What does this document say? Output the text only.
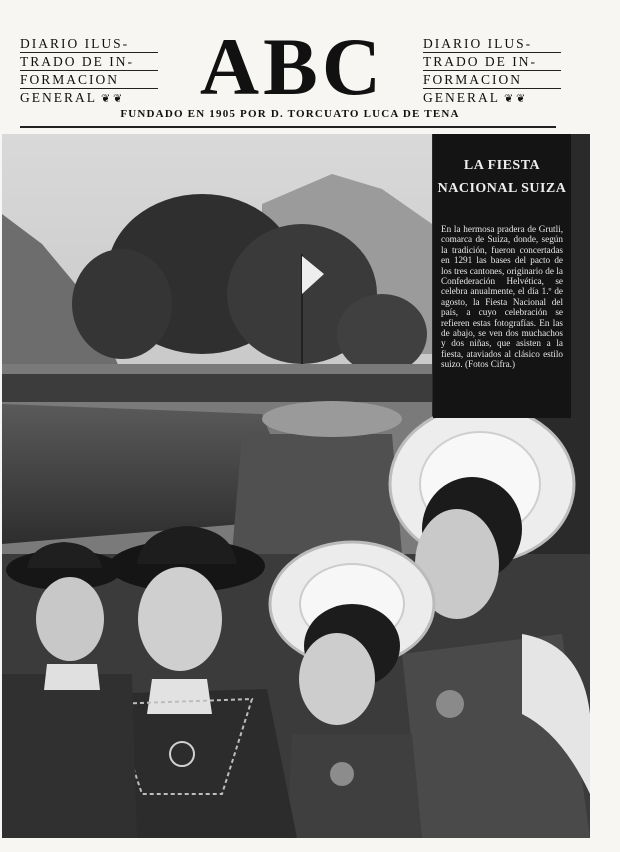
DIARIO ILUS-
TRADO DE IN-
FORMACION
GENERAL ❦ ❦ ABC	DIARIO ILUS-
TRADO DE IN-
FORMACION
GENERAL ❦ ❦
FUNDADO EN 1905 POR D. TORCUATO LUCA DE TENA
LA FIESTA
NACIONAL SUIZA
En la hermosa pradera de Grutli, comarca de Suiza, donde, según la tradición, fueron concertadas en 1291 las bases del pacto de los tres cantones, originario de la Confederación Helvética, se celebra anualmente, el día 1.º de agosto, la Fiesta Nacional del país, a cuyo celebración se refieren estas fotografías. En las de abajo, se ven dos muchachos y dos niñas, que asisten a la fiesta, ataviados al clásico estilo suizo. (Fotos Cifra.)
